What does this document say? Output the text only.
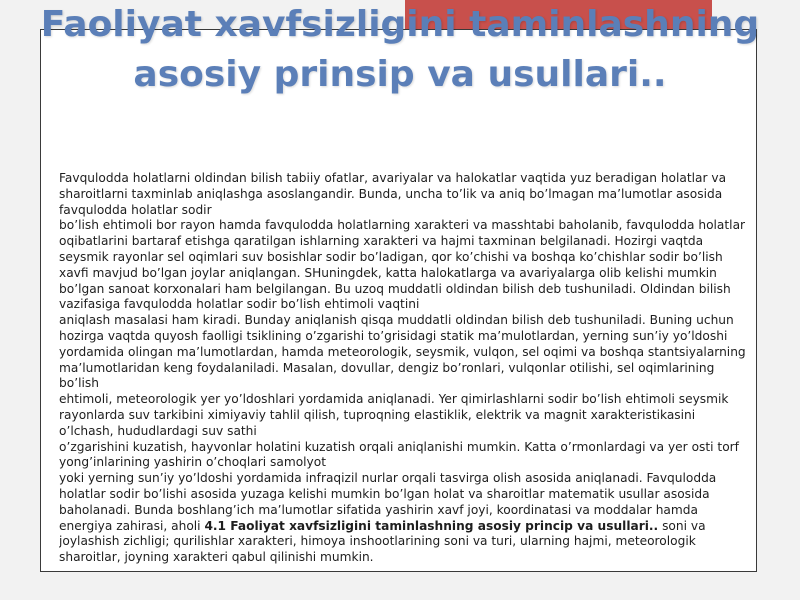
Faoliyat xavfsizligini taminlashning
asosiy prinsip va usullari..

Favqulodda holatlarni oldindan bilish tabiiy ofatlar, avariyalar va halokatlar vaqtida yuz beradigan holatlar va sharoitlarni taxminlab aniqlashga asoslangandir. Bunda, uncha to’lik va aniq bo’lmagan ma’lumotlar asosida favqulodda holatlar sodir

bo’lish ehtimoli bor rayon hamda favqulodda holatlarning xarakteri va masshtabi baholanib, favqulodda holatlar oqibatlarini bartaraf etishga qaratilgan ishlarning xarakteri va hajmi taxminan belgilanadi. Hozirgi vaqtda seysmik rayonlar sel oqimlari suv bosishlar sodir bo’ladigan, qor ko’chishi va boshqa ko’chishlar sodir bo’lish xavfi mavjud bo’lgan joylar aniqlangan. SHuningdek, katta halokatlarga va avariyalarga olib kelishi mumkin bo’lgan sanoat korxonalari ham belgilangan. Bu uzoq muddatli oldindan bilish deb tushuniladi. Oldindan bilish vazifasiga favqulodda holatlar sodir bo’lish ehtimoli vaqtini

aniqlash masalasi ham kiradi. Bunday aniqlanish qisqa muddatli oldindan bilish deb tushuniladi. Buning uchun hozirga vaqtda quyosh faolligi tsiklining o’zgarishi to’grisidagi statik ma’mulotlardan, yerning sun’iy yo’ldoshi yordamida olingan ma’lumotlardan, hamda meteorologik, seysmik, vulqon, sel oqimi va boshqa stantsiyalarning ma’lumotlaridan keng foydalaniladi. Masalan, dovullar, dengiz bo’ronlari, vulqonlar otilishi, sel oqimlarining bo’lish

ehtimoli, meteorologik yer yo’ldoshlari yordamida aniqlanadi. Yer qimirlashlarni sodir bo’lish ehtimoli seysmik rayonlarda suv tarkibini ximiyaviy tahlil qilish, tuproqning elastiklik, elektrik va magnit xarakteristikasini o’lchash, hududlardagi suv sathi

o’zgarishini kuzatish, hayvonlar holatini kuzatish orqali aniqlanishi mumkin. Katta o’rmonlardagi va yer osti torf yong’inlarining yashirin o’choqlari samolyot

yoki yerning sun’iy yo’ldoshi yordamida infraqizil nurlar orqali tasvirga olish asosida aniqlanadi. Favqulodda holatlar sodir bo’lishi asosida yuzaga kelishi mumkin bo’lgan holat va sharoitlar matematik usullar asosida baholanadi. Bunda boshlang’ich ma’lumotlar sifatida yashirin xavf joyi, koordinatasi va moddalar hamda energiya zahirasi, aholi 4.1 Faoliyat xavfsizligini taminlashning asosiy princip va usullari.. soni va joylashish zichligi; qurilishlar xarakteri, himoya inshootlarining soni va turi, ularning hajmi, meteorologik sharoitlar, joyning xarakteri qabul qilinishi mumkin.
